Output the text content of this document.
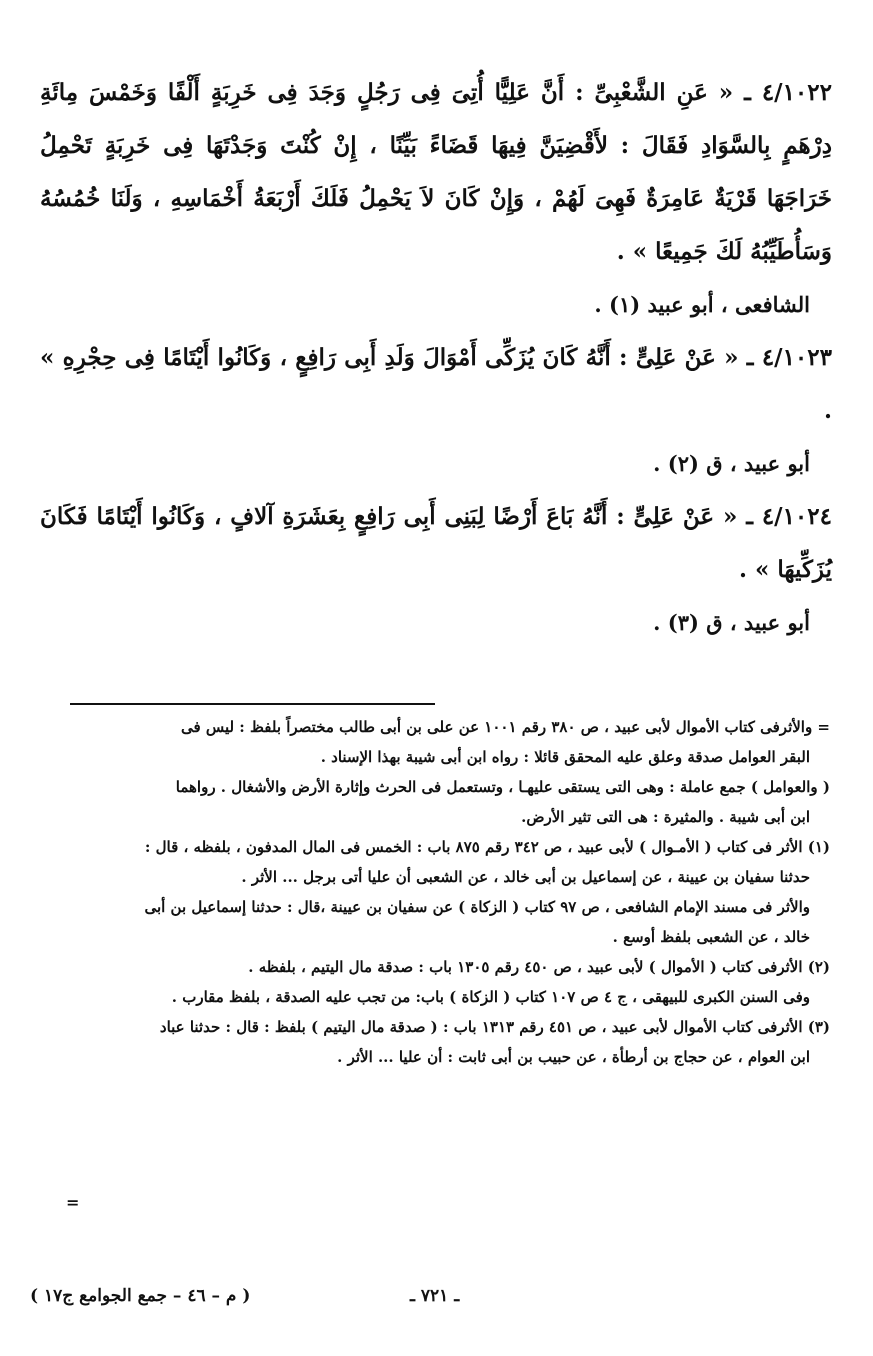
٤/١٠٢٢ ـ « عَنِ الشَّعْبِىِّ : أَنَّ عَلِيًّا أُتِىَ فِى رَجُلٍ وَجَدَ فِى خَرِبَةٍ أَلْفًا وَخَمْسَ مِائَةِ دِرْهَمٍ بِالسَّوَادِ فَقَالَ : لأَقْضِيَنَّ فِيهَا قَضَاءً بَيِّنًا ، إِنْ كُنْتَ وَجَدْتَهَا فِى خَرِبَةٍ تَحْمِلُ خَرَاجَهَا قَرْيَةٌ عَامِرَةٌ فَهِىَ لَهُمْ ، وَإِنْ كَانَ لاَ يَحْمِلُ فَلَكَ أَرْبَعَةُ أَخْمَاسِهِ ، وَلَنَا خُمُسُهُ وَسَأُطَيِّبُهُ لَكَ جَمِيعًا » .

الشافعى ، أبو عبيد (١) .

٤/١٠٢٣ ـ « عَنْ عَلِىٍّ : أَنَّهُ كَانَ يُزَكِّى أَمْوَالَ وَلَدِ أَبِى رَافِعٍ ، وَكَانُوا أَيْتَامًا فِى حِجْرِهِ » .

أبو عبيد ، ق (٢) .

٤/١٠٢٤ ـ « عَنْ عَلِىٍّ : أَنَّهُ بَاعَ أَرْضًا لِبَنِى أَبِى رَافِعٍ بِعَشَرَةِ آلافٍ ، وَكَانُوا أَيْتَامًا فَكَانَ يُزَكِّيهَا » .

أبو عبيد ، ق (٣) .

= والأثرفى كتاب الأموال لأبى عبيد ، ص ٣٨٠ رقم ١٠٠١ عن على بن أبى طالب مختصراً بلفظ : ليس فى

البقر العوامل صدقة وعلق عليه المحقق قائلا : رواه ابن أبى شيبة بهذا الإسناد .

( والعوامل ) جمع عاملة : وهى التى يستقى عليهـا ، وتستعمل فى الحرث وإثارة الأرض والأشغال . رواهما

ابن أبى شيبة . والمثيرة : هى التى تثير الأرض.

(١) الأثر فى كتاب ( الأمـوال ) لأبى عبيد ، ص ٣٤٢ رقم ٨٧٥ باب : الخمس فى المال المدفون ، بلفظه ، قال :

حدثنا سفيان بن عيينة ، عن إسماعيل بن أبى خالد ، عن الشعبى أن عليا أتى برجل ... الأثر .

والأثر فى مسند الإمام الشافعى ، ص ٩٧ كتاب ( الزكاة ) عن سفيان بن عيينة ،قال : حدثنا إسماعيل بن أبى

خالد ، عن الشعبى بلفظ أوسع .

(٢) الأثرفى كتاب ( الأموال ) لأبى عبيد ، ص ٤٥٠ رقم ١٣٠٥ باب : صدقة مال اليتيم ، بلفظه .

وفى السنن الكبرى للبيهقى ، ج ٤ ص ١٠٧ كتاب ( الزكاة ) باب: من تجب عليه الصدقة ، بلفظ مقارب .

(٣) الأثرفى كتاب الأموال لأبى عبيد ، ص ٤٥١ رقم ١٣١٣ باب : ( صدقة مال اليتيم ) بلفظ : قال : حدثنا عباد

ابن العوام ، عن حجاج بن أرطأة ، عن حبيب بن أبى ثابت : أن عليا ... الأثر .

=
ـ ٧٢١ ـ
( م – ٤٦ – جمع الجوامع ج١٧ )
